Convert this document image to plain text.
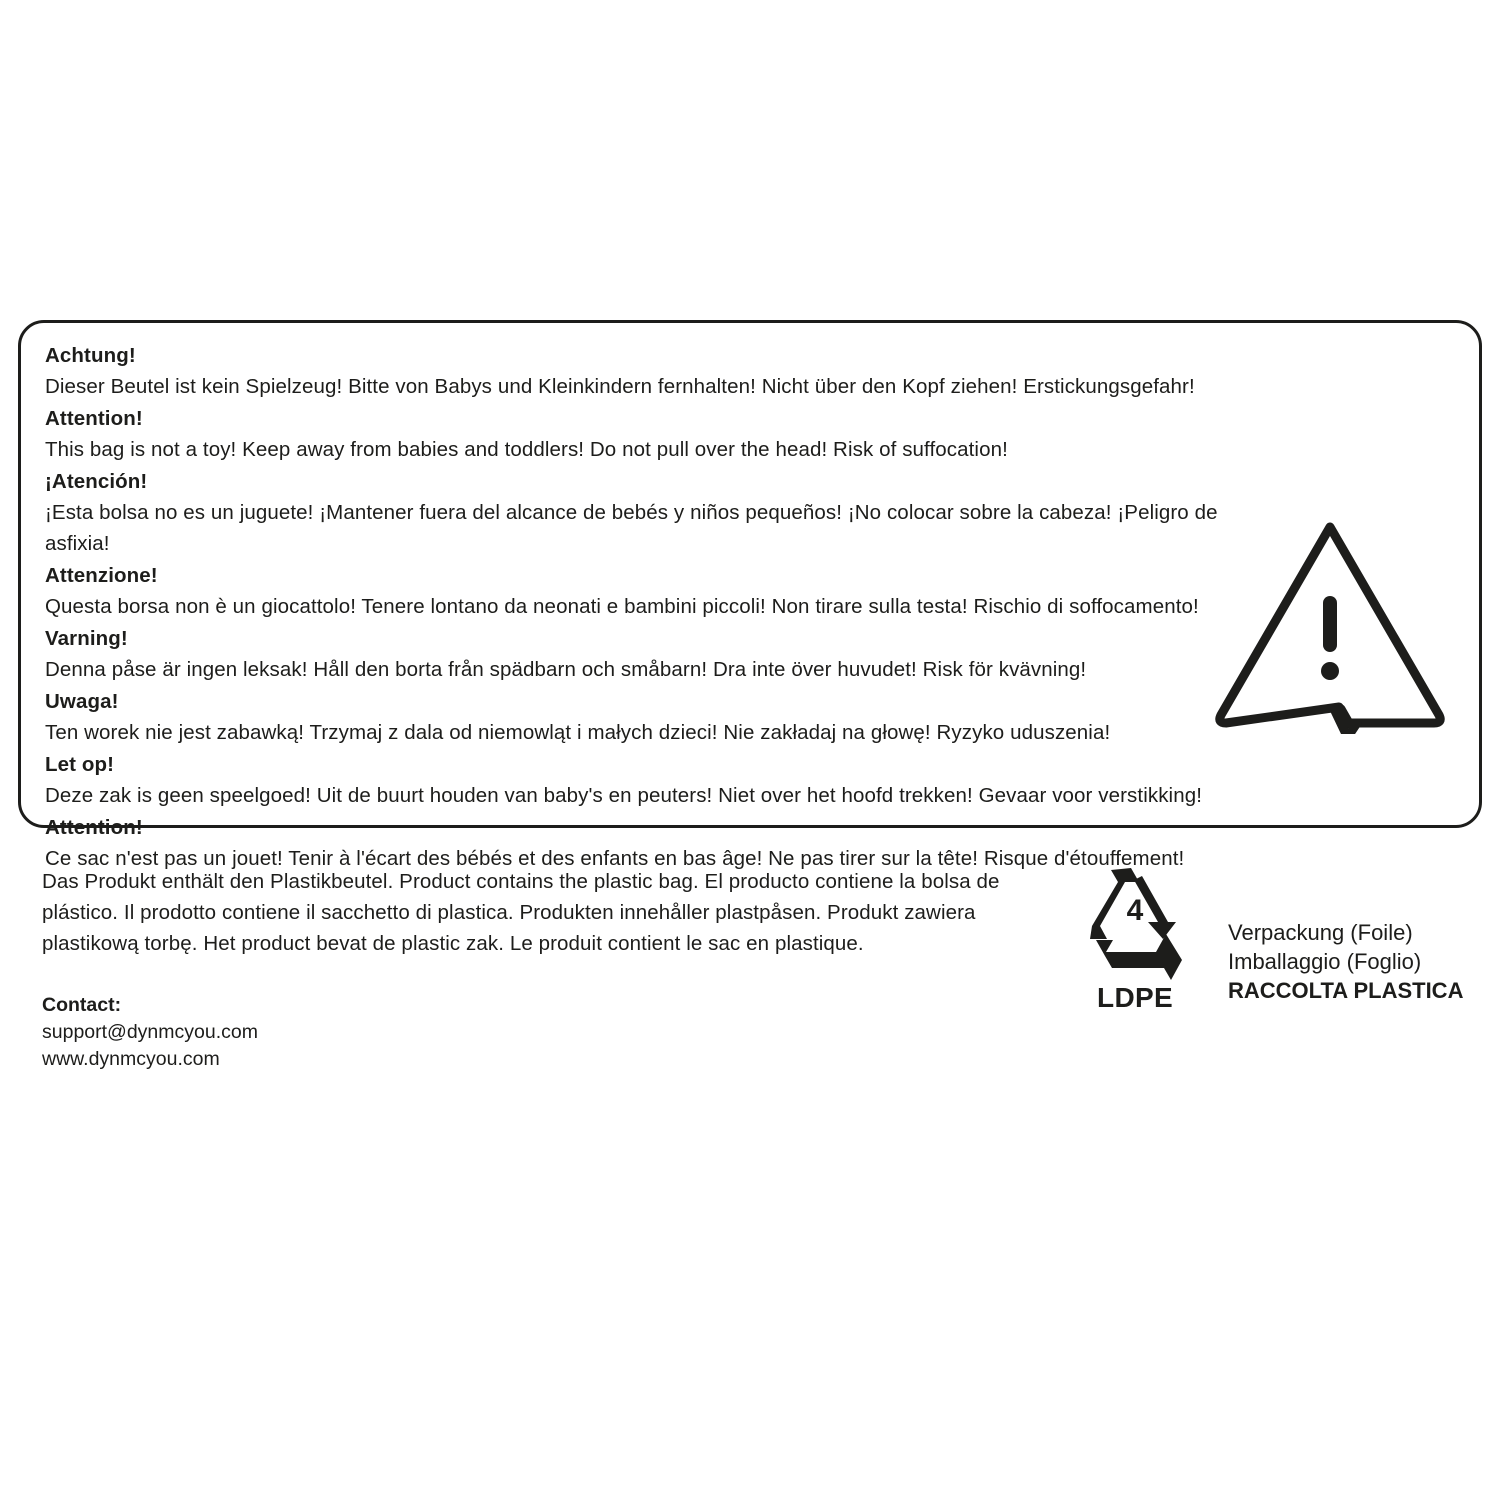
Achtung!
Dieser Beutel ist kein Spielzeug! Bitte von Babys und Kleinkindern fernhalten! Nicht über den Kopf ziehen! Erstickungsgefahr!
Attention!
This bag is not a toy! Keep away from babies and toddlers! Do not pull over the head! Risk of suffocation!
¡Atención!
¡Esta bolsa no es un juguete! ¡Mantener fuera del alcance de bebés y niños pequeños! ¡No colocar sobre la cabeza! ¡Peligro de asfixia!
Attenzione!
Questa borsa non è un giocattolo! Tenere lontano da neonati e bambini piccoli! Non tirare sulla testa! Rischio di soffocamento!
Varning!
Denna påse är ingen leksak! Håll den borta från spädbarn och småbarn! Dra inte över huvudet! Risk för kvävning!
Uwaga!
Ten worek nie jest zabawką! Trzymaj z dala od niemowląt i małych dzieci! Nie zakładaj na głowę! Ryzyko uduszenia!
Let op!
Deze zak is geen speelgoed! Uit de buurt houden van baby's en peuters! Niet over het hoofd trekken! Gevaar voor verstikking!
Attention!
Ce sac n'est pas un jouet! Tenir à l'écart des bébés et des enfants en bas âge! Ne pas tirer sur la tête! Risque d'étouffement!
Das Produkt enthält den Plastikbeutel. Product contains the plastic bag. El producto contiene la bolsa de plástico. Il prodotto contiene il sacchetto di plastica. Produkten innehåller plastpåsen. Produkt zawiera plastikową torbę. Het product bevat de plastic zak. Le produit contient le sac en plastique.
Contact:
support@dynmcyou.com
www.dynmcyou.com
LDPE
4
Verpackung (Foile)
Imballaggio (Foglio)
RACCOLTA PLASTICA
